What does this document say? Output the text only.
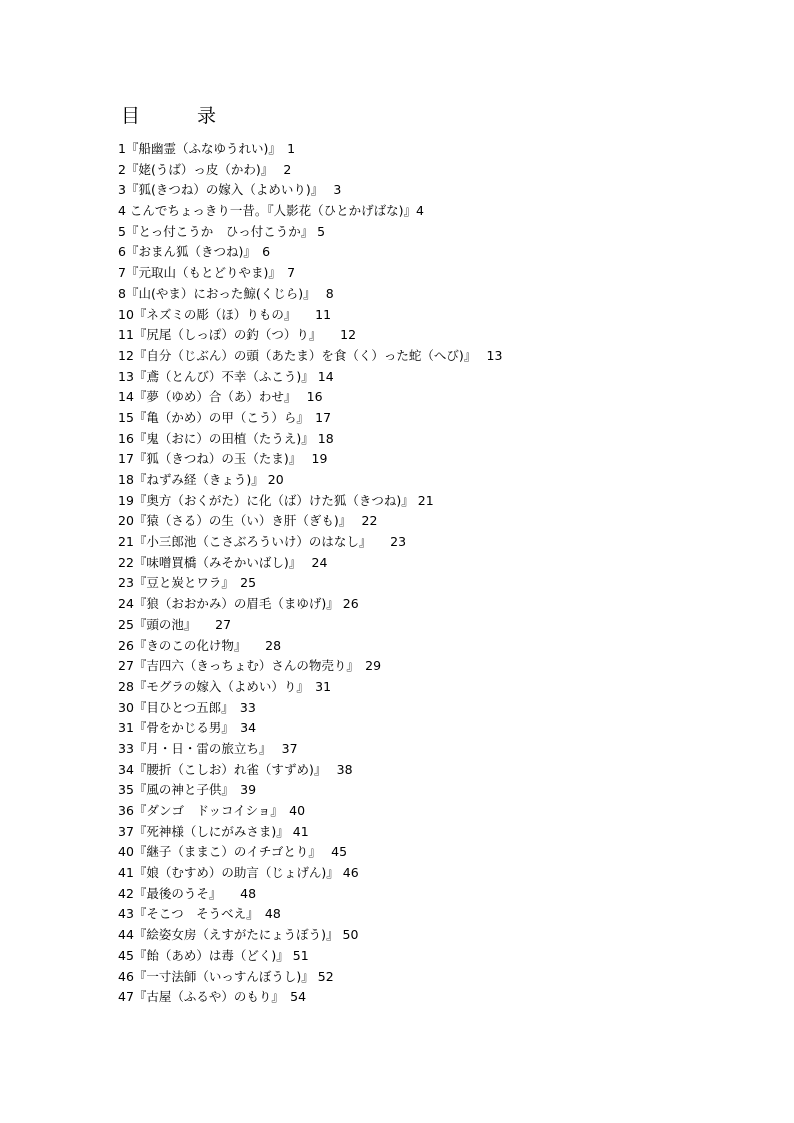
目　　　录
1『船幽霊（ふなゆうれい)』　1
2『姥(うば）っ皮（かわ)』　 2
3『狐(きつね）の嫁入（よめいり)』　 3
4 こんでちょっきり一昔。『人影花（ひとかげばな)』4
5『とっ付こうか　ひっ付こうか』 5
6『おまん狐（きつね)』　6
7『元取山（もとどりやま)』　7
8『山(やま）におった鯨(くじら)』　 8
10『ネズミの彫（ほ）りもの』　　11
11『尻尾（しっぽ）の釣（つ）り』　　12
12『自分（じぶん）の頭（あたま）を食（く）った蛇（へび)』　 13
13『鳶（とんび）不幸（ふこう)』 14
14『夢（ゆめ）合（あ）わせ』　 16
15『亀（かめ）の甲（こう）ら』　17
16『鬼（おに）の田植（たうえ)』 18
17『狐（きつね）の玉（たま)』　 19
18『ねずみ経（きょう)』 20
19『奥方（おくがた）に化（ば）けた狐（きつね)』 21
20『猿（さる）の生（い）き肝（ぎも)』　 22
21『小三郎池（こさぶろういけ）のはなし』　　23
22『味噌買橋（みそかいばし)』　 24
23『豆と炭とワラ』　25
24『狼（おおかみ）の眉毛（まゆげ)』 26
25『頭の池』　　27
26『きのこの化け物』　　28
27『吉四六（きっちょむ）さんの物売り』　29
28『モグラの嫁入（よめい）り』　31
30『目ひとつ五郎』　33
31『骨をかじる男』　34
33『月・日・雷の旅立ち』　 37
34『腰折（こしお）れ雀（すずめ)』　 38
35『風の神と子供』　39
36『ダンゴ　ドッコイショ』　40
37『死神様（しにがみさま)』 41
40『継子（ままこ）のイチゴとり』　 45
41『娘（むすめ）の助言（じょげん)』 46
42『最後のうそ』　　48
43『そこつ　そうべえ』　48
44『絵姿女房（えすがたにょうぼう)』 50
45『飴（あめ）は毒（どく)』 51
46『一寸法師（いっすんぼうし)』 52
47『古屋（ふるや）のもり』　54
